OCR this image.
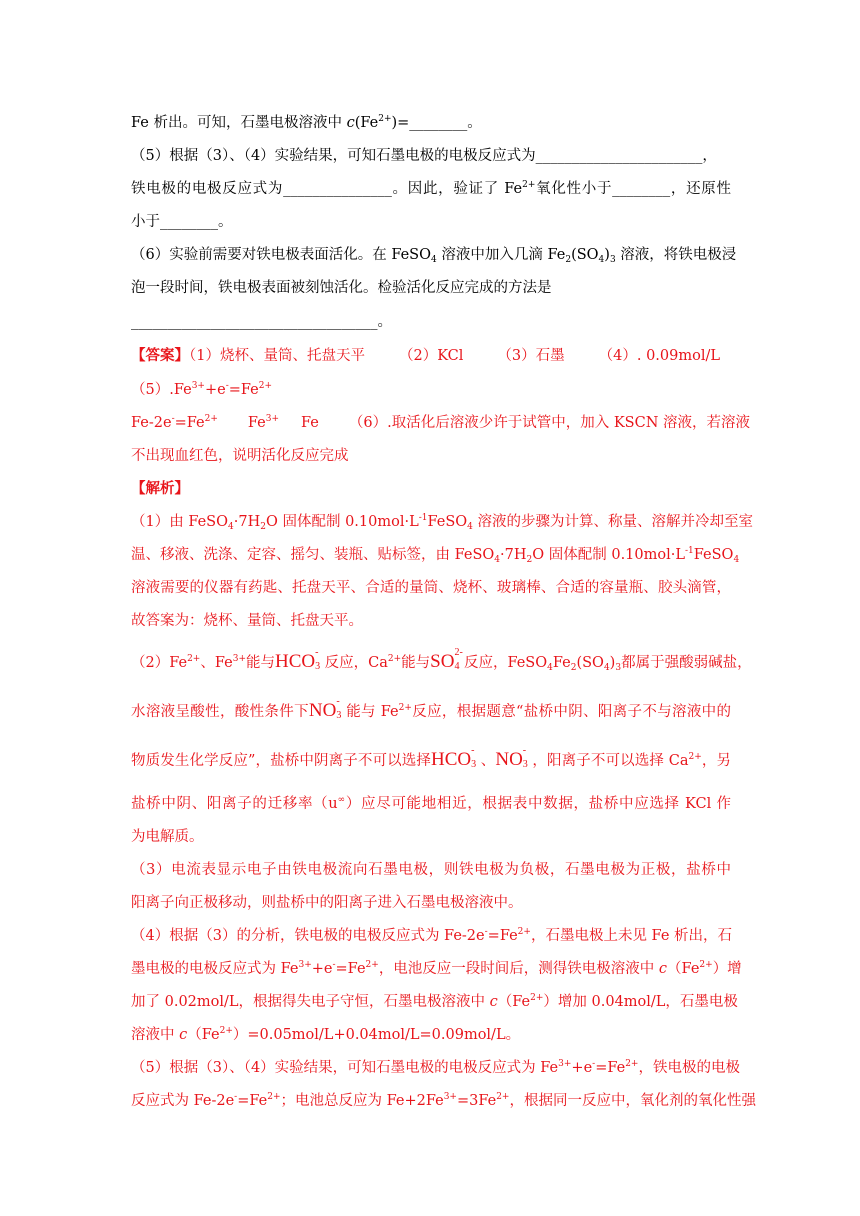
Fe 析出。可知，石墨电极溶液中 $c(Fe^{2+})=\_\_\_\_\_\_\_\_$。
（5）根据（3）、（4）实验结果，可知石墨电极的电极反应式为_______________________，
铁电极的电极反应式为_______________。因此，验证了 $Fe^{2+}$氧化性小于________，还原性
小于________。
（6）实验前需要对铁电极表面活化。在 FeSO$_4$ 溶液中加入几滴 $Fe_2(SO_4)_3$ 溶液，将铁电极浸
泡一段时间，铁电极表面被刻蚀活化。检验活化反应完成的方法是
__________________________________。
【答案】（1）烧杯、量筒、托盘天平 （2）KCl （3）石墨 （4）. 0.09mol/L
$(5).Fe^{3+}+e^-=Fe^{2+}$
$Fe-2e^-=Fe^{2+}$ $Fe^{3+}$ Fe （6）.取活化后溶液少许于试管中，加入 KSCN 溶液，若溶液
不出现血红色，说明活化反应完成
【解析】
（1）由 $FeSO_4\cdot 7H_2O$ 固体配制 $0.10mol\cdot L^{-1}FeSO_4$ 溶液的步骤为计算、称量、溶解并冷却至室
温、移液、洗涤、定容、摇匀、装瓶、贴标签，由 $FeSO_4\cdot 7H_2O$ 固体配制 $0.10mol\cdot L^{-1}FeSO_4$
溶液需要的仪器有药匙、托盘天平、合适的量筒、烧杯、玻璃棒、合适的容量瓶、胶头滴管，
故答案为：烧杯、量筒、托盘天平。
$(2)Fe^{2+}$、$Fe^{3+}$能与HCO -
3 反应，$Ca^{2+}$能与SO 2-
4 反应，$FeSO_4Fe_2(SO_4)_3$都属于强酸弱碱盐，
水溶液呈酸性，酸性条件下NO -
3 能与 $Fe^{2+}$反应，根据题意“盐桥中阴、阳离子不与溶液中的
物质发生化学反应”，盐桥中阴离子不可以选择HCO -
3 、NO -
3 ，阳离子不可以选择 $Ca^{2+}$，另
盐桥中阴、阳离子的迁移率（u∞）应尽可能地相近，根据表中数据，盐桥中应选择 KCl 作
为电解质。
（3）电流表显示电子由铁电极流向石墨电极，则铁电极为负极，石墨电极为正极，盐桥中
阳离子向正极移动，则盐桥中的阳离子进入石墨电极溶液中。
（4）根据（3）的分析，铁电极的电极反应式为 $Fe-2e^-=Fe^{2+}$，石墨电极上未见 Fe 析出，石
墨电极的电极反应式为 $Fe^{3+}+e^-=Fe^{2+}$，电池反应一段时间后，测得铁电极溶液中 $c(Fe^{2+})$增
加了 0.02mol/L，根据得失电子守恒，石墨电极溶液中 $c(Fe^{2+})$增加 0.04mol/L，石墨电极
溶液中 $c(Fe^{2+})=0.05mol/L+0.04mol/L=0.09mol/L$。
（5）根据（3）、（4）实验结果，可知石墨电极的电极反应式为 $Fe^{3+}+e^-=Fe^{2+}$，铁电极的电极
反应式为 $Fe-2e^-=Fe^{2+}$；电池总反应为 $Fe+2Fe^{3+}=3Fe^{2+}$，根据同一反应中，氧化剂的氧化性强
